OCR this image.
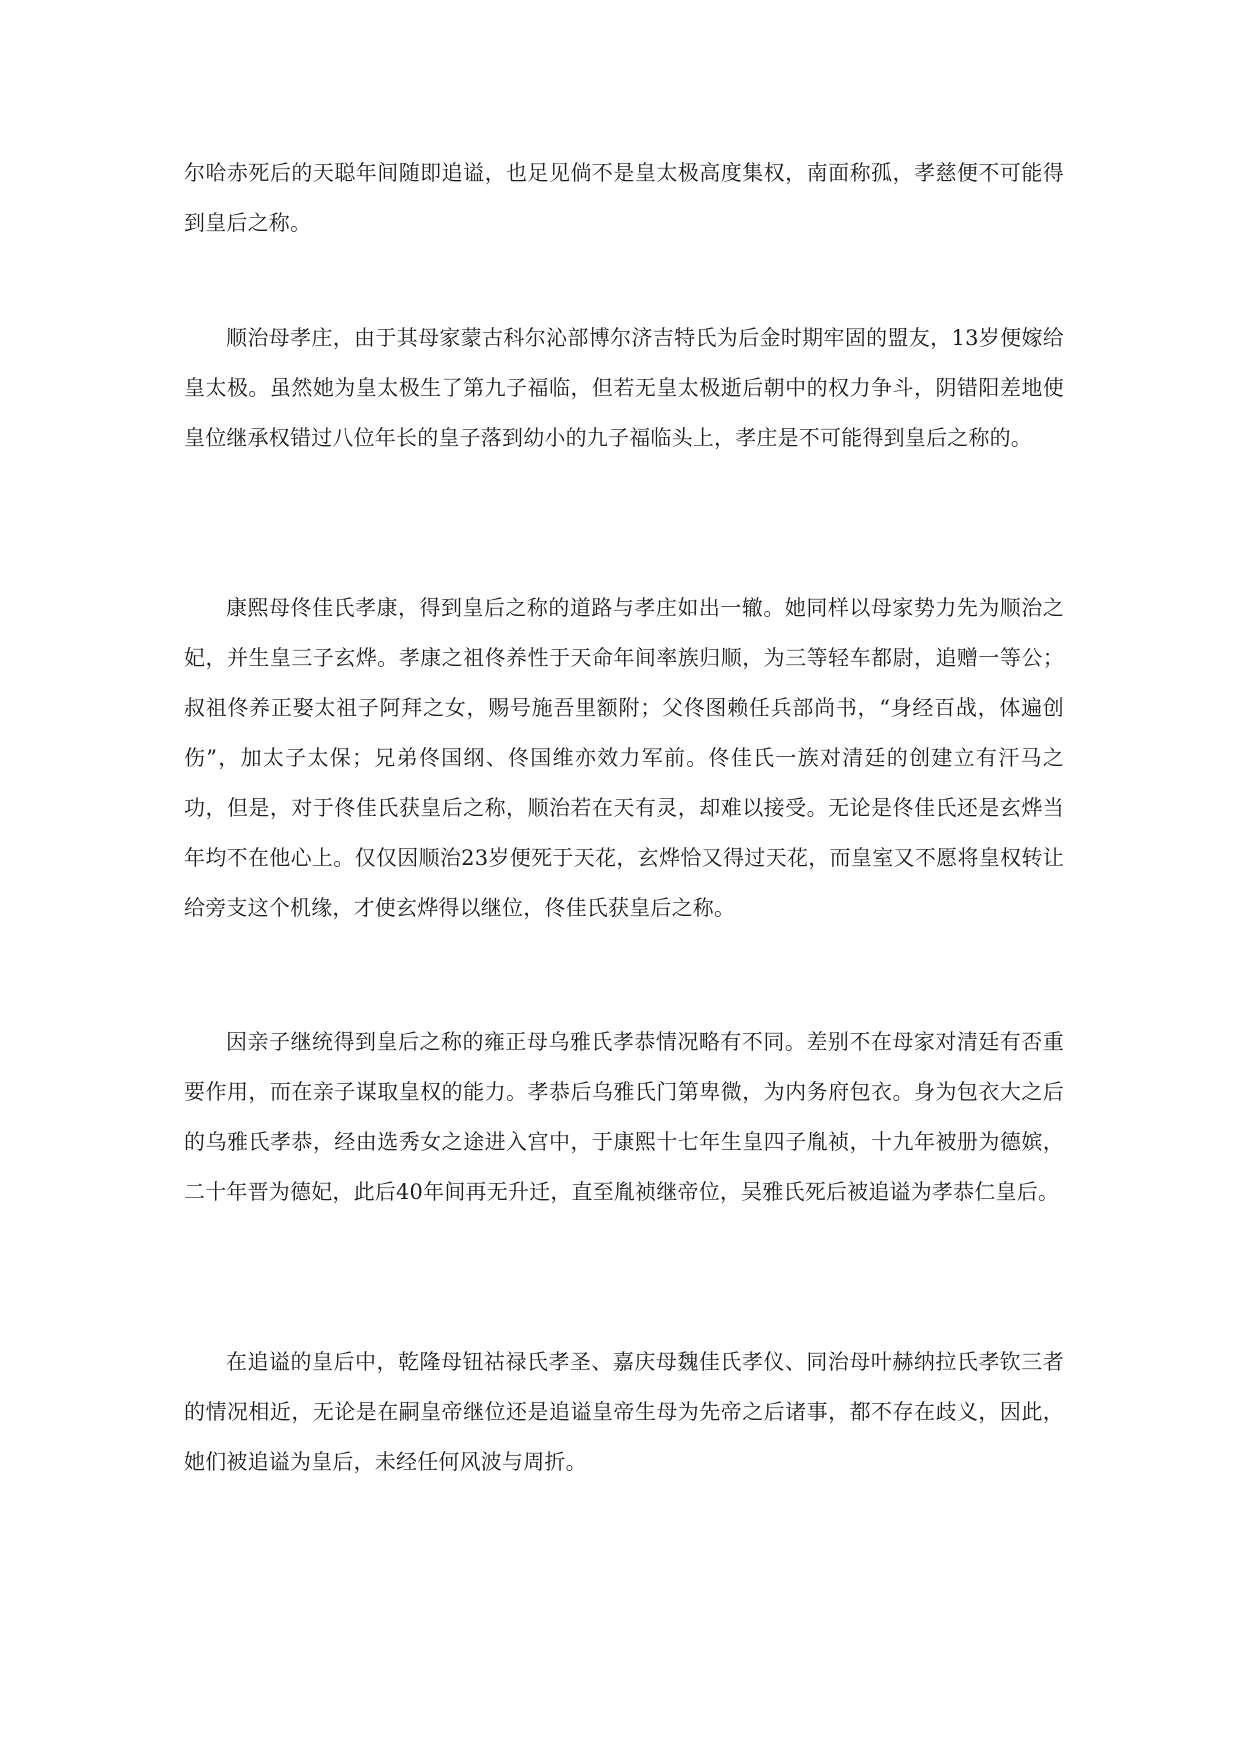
尔哈赤死后的天聪年间随即追谥，也足见倘不是皇太极高度集权，南面称孤，孝慈便不可能得到皇后之称。

顺治母孝庄，由于其母家蒙古科尔沁部博尔济吉特氏为后金时期牢固的盟友，13岁便嫁给皇太极。虽然她为皇太极生了第九子福临，但若无皇太极逝后朝中的权力争斗，阴错阳差地使皇位继承权错过八位年长的皇子落到幼小的九子福临头上，孝庄是不可能得到皇后之称的。

康熙母佟佳氏孝康，得到皇后之称的道路与孝庄如出一辙。她同样以母家势力先为顺治之妃，并生皇三子玄烨。孝康之祖佟养性于天命年间率族归顺，为三等轻车都尉，追赠一等公；叔祖佟养正娶太祖子阿拜之女，赐号施吾里额附；父佟图赖任兵部尚书，“身经百战，体遍创伤”，加太子太保；兄弟佟国纲、佟国维亦效力军前。佟佳氏一族对清廷的创建立有汗马之功，但是，对于佟佳氏获皇后之称，顺治若在天有灵，却难以接受。无论是佟佳氏还是玄烨当年均不在他心上。仅仅因顺治23岁便死于天花，玄烨恰又得过天花，而皇室又不愿将皇权转让给旁支这个机缘，才使玄烨得以继位，佟佳氏获皇后之称。

因亲子继统得到皇后之称的雍正母乌雅氏孝恭情况略有不同。差别不在母家对清廷有否重要作用，而在亲子谋取皇权的能力。孝恭后乌雅氏门第卑微，为内务府包衣。身为包衣大之后的乌雅氏孝恭，经由选秀女之途进入宫中，于康熙十七年生皇四子胤祯，十九年被册为德嫔，二十年晋为德妃，此后40年间再无升迁，直至胤祯继帝位，吴雅氏死后被追谥为孝恭仁皇后。

在追谥的皇后中，乾隆母钮祜禄氏孝圣、嘉庆母魏佳氏孝仪、同治母叶赫纳拉氏孝钦三者的情况相近，无论是在嗣皇帝继位还是追谥皇帝生母为先帝之后诸事，都不存在歧义，因此，她们被追谥为皇后，未经任何风波与周折。
